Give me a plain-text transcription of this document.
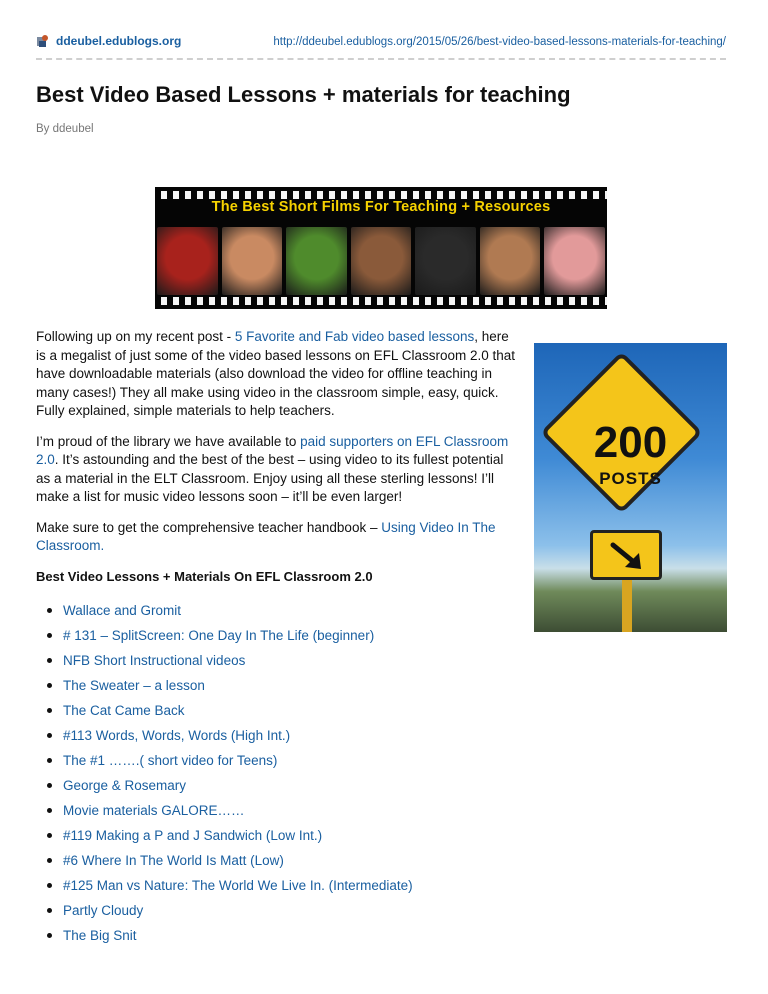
ddeubel.edublogs.org	http://ddeubel.edublogs.org/2015/05/26/best-video-based-lessons-materials-for-teaching/
Best Video Based Lessons + materials for teaching
By ddeubel
The Best Short Films For Teaching + Resources
200
POSTS

Following up on my recent post - 5 Favorite and Fab video based lessons, here is a megalist of just some of the video based lessons on EFL Classroom 2.0 that have downloadable materials (also download the video for offline teaching in many cases!) They all make using video in the classroom simple, easy, quick. Fully explained, simple materials to help teachers.

I’m proud of the library we have available to paid supporters on EFL Classroom 2.0. It’s astounding and the best of the best – using video to its fullest potential as a material in the ELT Classroom. Enjoy using all these sterling lessons! I’ll make a list for music video lessons soon – it’ll be even larger!

Make sure to get the comprehensive teacher handbook – Using Video In The Classroom.

Best Video Lessons + Materials On EFL Classroom 2.0
Wallace and Gromit
# 131 – SplitScreen: One Day In The Life (beginner)
NFB Short Instructional videos
The Sweater – a lesson
The Cat Came Back
#113 Words, Words, Words (High Int.)
The #1 …….( short video for Teens)
George & Rosemary
Movie materials GALORE……
#119 Making a P and J Sandwich (Low Int.)
#6 Where In The World Is Matt (Low)
#125 Man vs Nature: The World We Live In. (Intermediate)
Partly Cloudy
The Big Snit
